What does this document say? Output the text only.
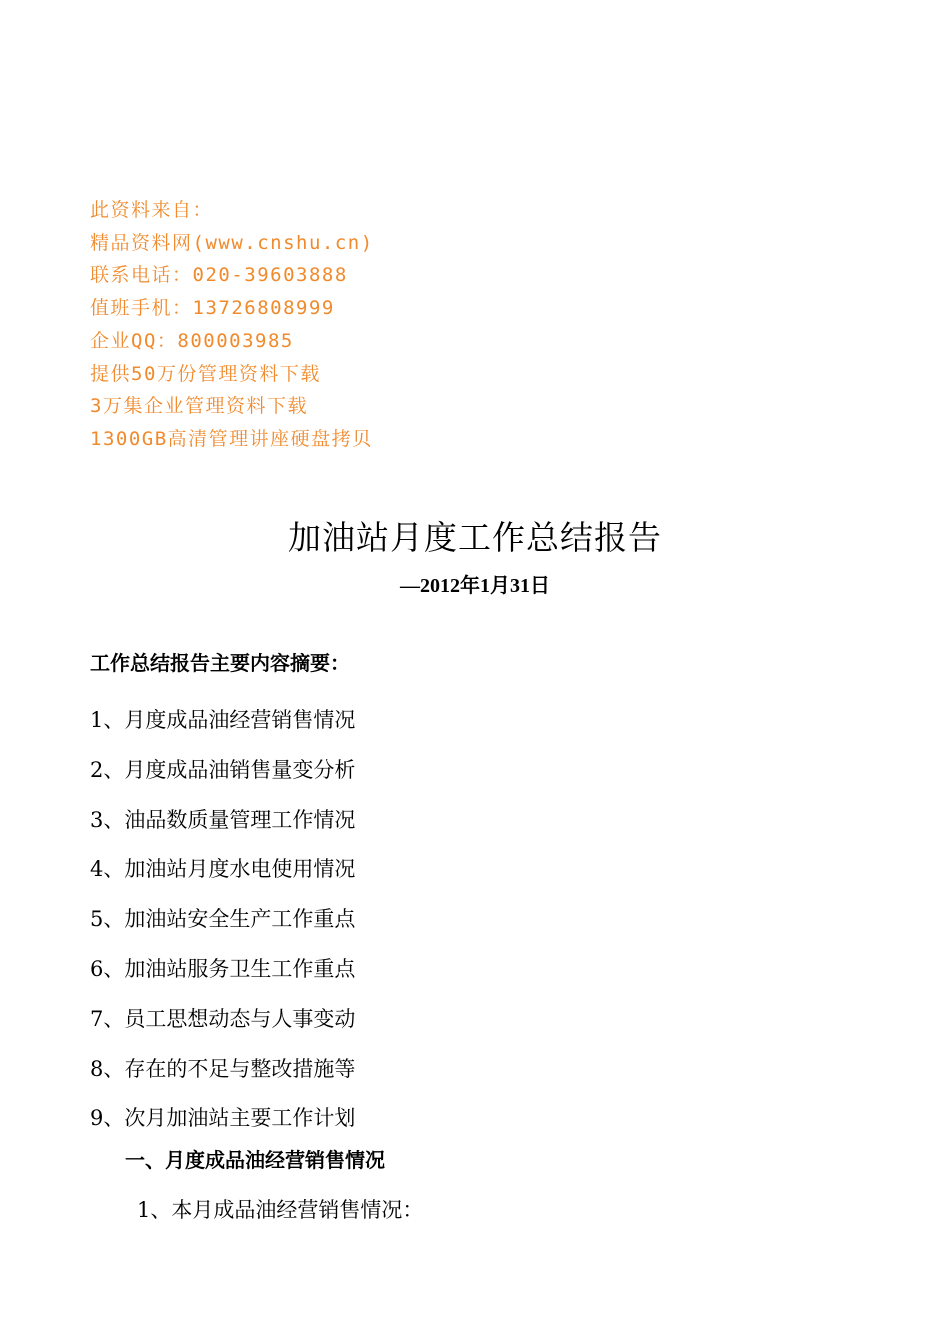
此资料来自：
精品资料网(www.cnshu.cn)
联系电话：020-39603888
值班手机：13726808999
企业QQ：800003985
提供50万份管理资料下载
3万集企业管理资料下载
1300GB高清管理讲座硬盘拷贝
加油站月度工作总结报告
—2012年1月31日
工作总结报告主要内容摘要：
1、月度成品油经营销售情况
2、月度成品油销售量变分析
3、油品数质量管理工作情况
4、加油站月度水电使用情况
5、加油站安全生产工作重点
6、加油站服务卫生工作重点
7、员工思想动态与人事变动
8、存在的不足与整改措施等
9、次月加油站主要工作计划
一、月度成品油经营销售情况
1、本月成品油经营销售情况：
